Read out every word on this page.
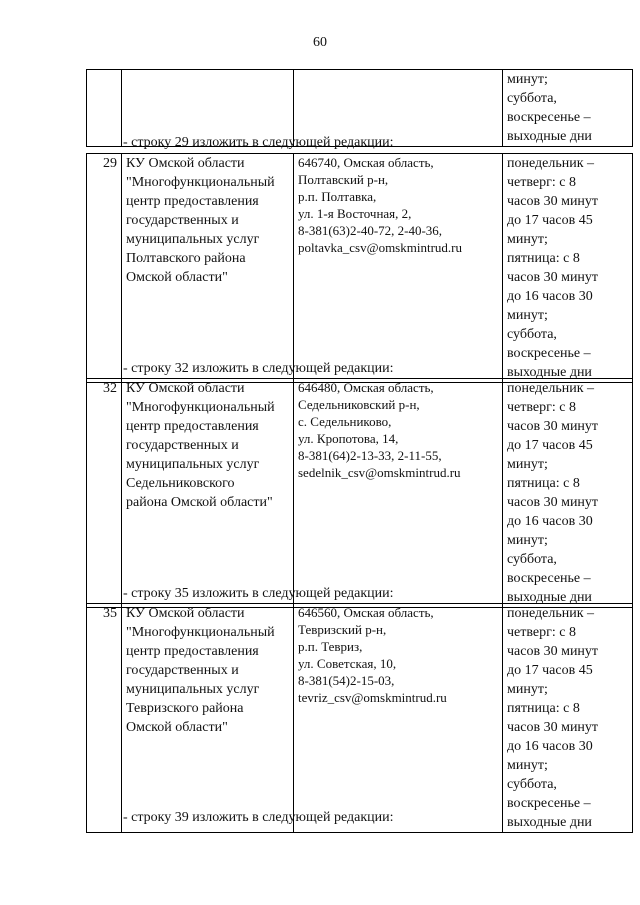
60
			минут;
суббота,
воскресенье –
выходные дни
- строку 29 изложить в следующей редакции:
29	КУ Омской области
"Многофункциональный
центр предоставления
государственных и
муниципальных услуг
Полтавского района
Омской области"	646740, Омская область,
Полтавский р-н,
р.п. Полтавка,
ул. 1-я Восточная, 2,
8-381(63)2-40-72, 2-40-36,
poltavka_csv@omskmintrud.ru	понедельник –
четверг: с 8
часов 30 минут
до 17 часов 45
минут;
пятница: с 8
часов 30 минут
до 16 часов 30
минут;
суббота,
воскресенье –
выходные дни
- строку 32 изложить в следующей редакции:
32	КУ Омской области
"Многофункциональный
центр предоставления
государственных и
муниципальных услуг
Седельниковского
района Омской области"	646480, Омская область,
Седельниковский р-н,
с. Седельниково,
ул. Кропотова, 14,
8-381(64)2-13-33, 2-11-55,
sedelnik_csv@omskmintrud.ru	понедельник –
четверг: с 8
часов 30 минут
до 17 часов 45
минут;
пятница: с 8
часов 30 минут
до 16 часов 30
минут;
суббота,
воскресенье –
выходные дни
- строку 35 изложить в следующей редакции:
35	КУ Омской области
"Многофункциональный
центр предоставления
государственных и
муниципальных услуг
Тевризского района
Омской области"	646560, Омская область,
Тевризский р-н,
р.п. Тевриз,
ул. Советская, 10,
8-381(54)2-15-03,
tevriz_csv@omskmintrud.ru	понедельник –
четверг: с 8
часов 30 минут
до 17 часов 45
минут;
пятница: с 8
часов 30 минут
до 16 часов 30
минут;
суббота,
воскресенье –
выходные дни
- строку 39 изложить в следующей редакции:
